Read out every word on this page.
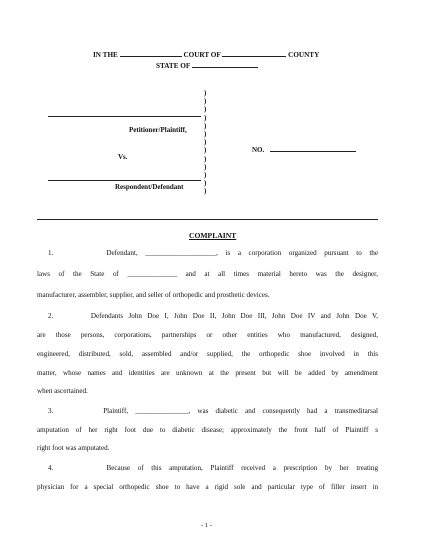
IN THE	COURT OF	COUNTY
STATE OF
)
)
)
)
)
)
)
)
)
)
)
)
)
Petitioner/Plaintiff,
Vs.
Respondent/Defendant
NO.
COMPLAINT
1.       Defendant, ____________________, is a corporation organized pursuant to the
laws of the State of ______________ and at all times material hereto was the designer,
manufacturer, assembler, supplier, and seller of orthopedic and prosthetic devices.
2.       Defendants John Doe I, John Doe II, John Doe III, John Doe IV and John Doe V,
are those persons, corporations, partnerships or other entities who manufactured, designed,
engineered, distributed, sold, assembled and/or supplied, the orthopedic shoe involved in this
matter, whose names and identities are unknown at the present but will be added by amendment
when ascertained.
3.       Plaintiff, _______________, was diabetic and consequently had a transmeditarsal
amputation of her right foot due to diabetic disease; approximately the front half of Plaintiff s
right foot was amputated.
4.       Because of this amputation, Plaintiff received a prescription by her treating
physician for a special orthopedic shoe to have a rigid sole and particular type of filler insert in
- 1 -
